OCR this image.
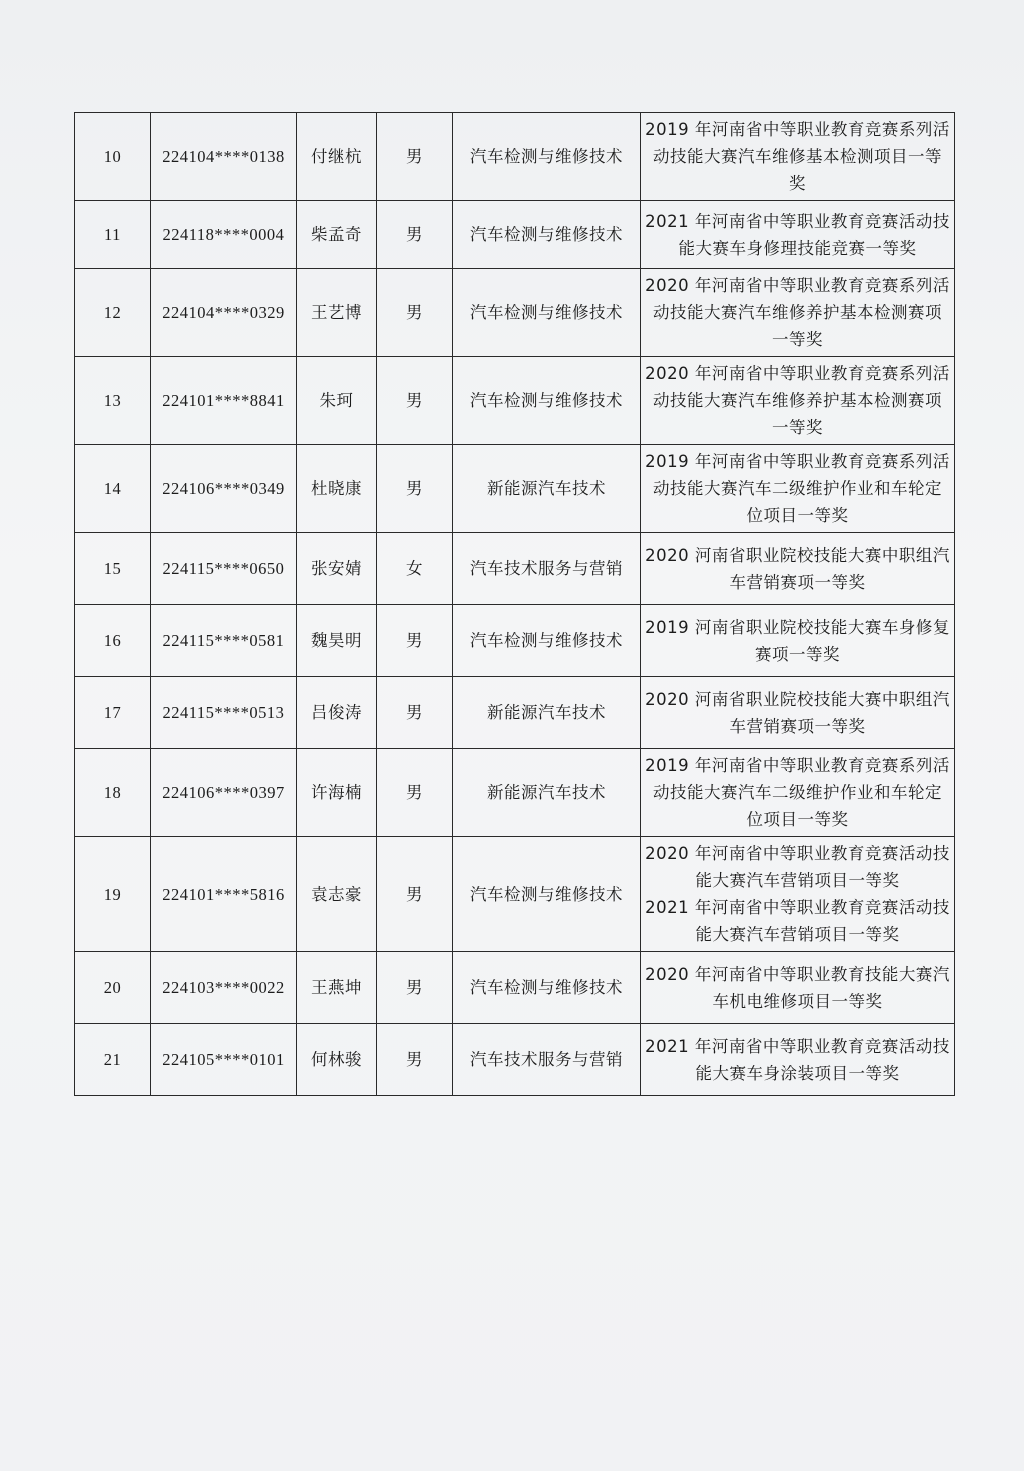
10	224104****0138	付继杭	男	汽车检测与维修技术	2019 年河南省中等职业教育竞赛系列活动技能大赛汽车维修基本检测项目一等奖

11	224118****0004	柴孟奇	男	汽车检测与维修技术	2021 年河南省中等职业教育竞赛活动技能大赛车身修理技能竞赛一等奖

12	224104****0329	王艺博	男	汽车检测与维修技术	2020 年河南省中等职业教育竞赛系列活动技能大赛汽车维修养护基本检测赛项一等奖

13	224101****8841	朱珂	男	汽车检测与维修技术	2020 年河南省中等职业教育竞赛系列活动技能大赛汽车维修养护基本检测赛项一等奖

14	224106****0349	杜晓康	男	新能源汽车技术	2019 年河南省中等职业教育竞赛系列活动技能大赛汽车二级维护作业和车轮定位项目一等奖

15	224115****0650	张安婧	女	汽车技术服务与营销	2020 河南省职业院校技能大赛中职组汽车营销赛项一等奖

16	224115****0581	魏昊明	男	汽车检测与维修技术	2019 河南省职业院校技能大赛车身修复赛项一等奖

17	224115****0513	吕俊涛	男	新能源汽车技术	2020 河南省职业院校技能大赛中职组汽车营销赛项一等奖

18	224106****0397	许海楠	男	新能源汽车技术	2019 年河南省中等职业教育竞赛系列活动技能大赛汽车二级维护作业和车轮定位项目一等奖

19	224101****5816	袁志豪	男	汽车检测与维修技术	2020 年河南省中等职业教育竞赛活动技能大赛汽车营销项目一等奖
2021 年河南省中等职业教育竞赛活动技能大赛汽车营销项目一等奖

20	224103****0022	王燕坤	男	汽车检测与维修技术	2020 年河南省中等职业教育技能大赛汽车机电维修项目一等奖

21	224105****0101	何林骏	男	汽车技术服务与营销	2021 年河南省中等职业教育竞赛活动技能大赛车身涂装项目一等奖
